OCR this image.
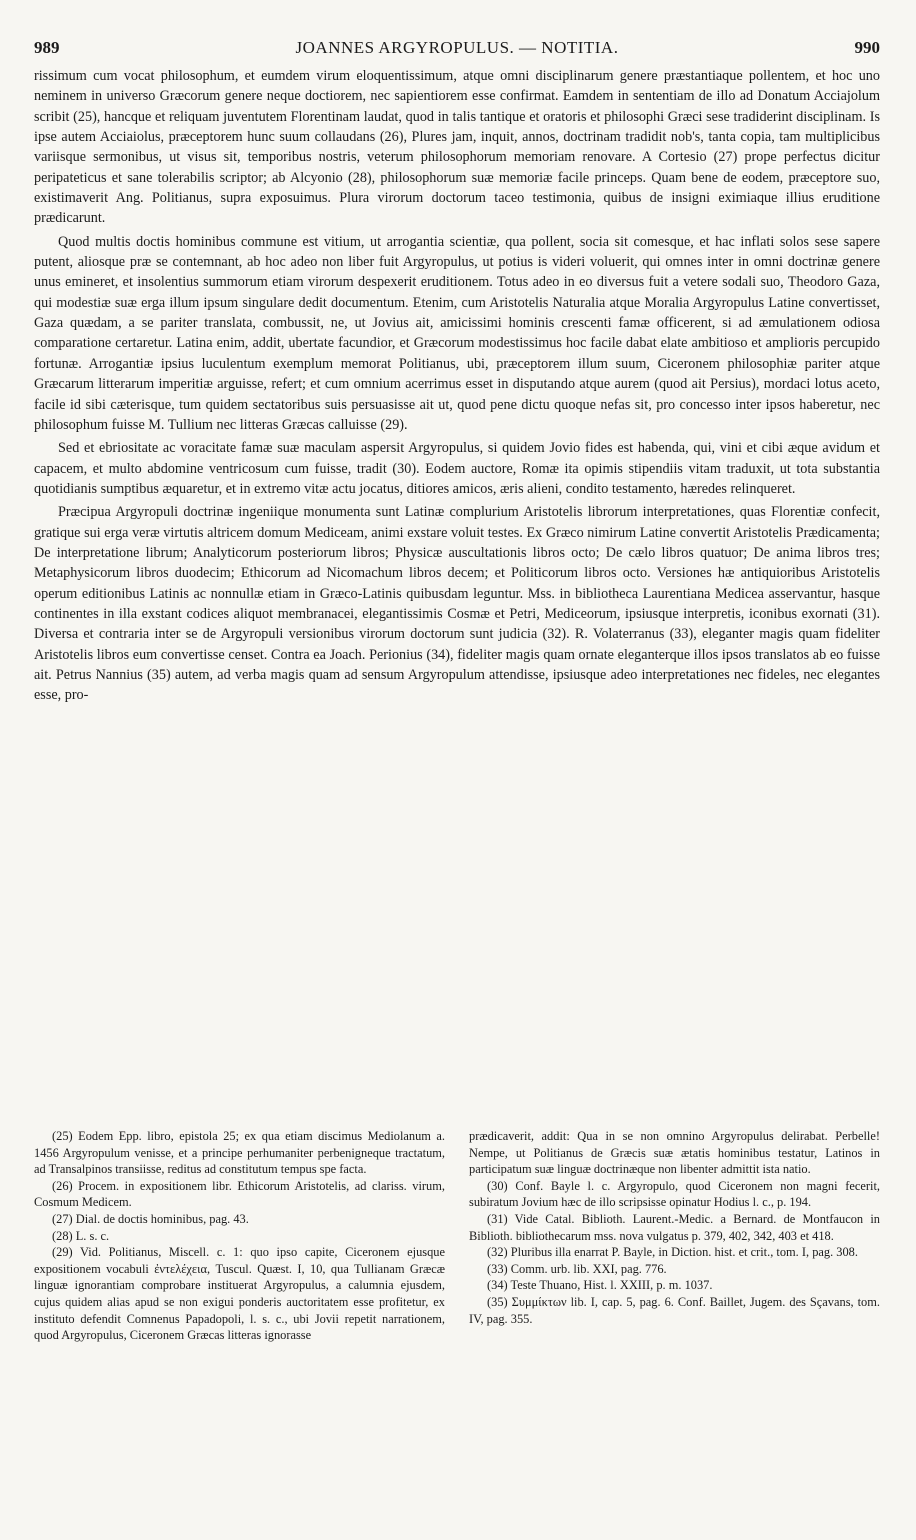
989	JOANNES ARGYROPULUS. — NOTITIA.	990

rissimum cum vocat philosophum, et eumdem virum eloquentissimum, atque omni disciplinarum genere præstantiaque pollentem, et hoc uno neminem in universo Græcorum genere neque doctiorem, nec sapientiorem esse confirmat. Eamdem in sententiam de illo ad Donatum Acciajolum scribit (25), hancque et reliquam juventutem Florentinam laudat, quod in talis tantique et oratoris et philosophi Græci sese tradiderint disciplinam. Is ipse autem Acciaiolus, præceptorem hunc suum collaudans (26), Plures jam, inquit, annos, doctrinam tradidit nob's, tanta copia, tam multiplicibus variisque sermonibus, ut visus sit, temporibus nostris, veterum philosophorum memoriam renovare. A Cortesio (27) prope perfectus dicitur peripateticus et sane tolerabilis scriptor; ab Alcyonio (28), philosophorum suæ memoriæ facile princeps. Quam bene de eodem, præceptore suo, existimaverit Ang. Politianus, supra exposuimus. Plura virorum doctorum taceo testimonia, quibus de insigni eximiaque illius eruditione prædicarunt.

Quod multis doctis hominibus commune est vitium, ut arrogantia scientiæ, qua pollent, socia sit comesque, et hac inflati solos sese sapere putent, aliosque præ se contemnant, ab hoc adeo non liber fuit Argyropulus, ut potius is videri voluerit, qui omnes inter in omni doctrinæ genere unus emineret, et insolentius summorum etiam virorum despexerit eruditionem. Totus adeo in eo diversus fuit a vetere sodali suo, Theodoro Gaza, qui modestiæ suæ erga illum ipsum singulare dedit documentum. Etenim, cum Aristotelis Naturalia atque Moralia Argyropulus Latine convertisset, Gaza quædam, a se pariter translata, combussit, ne, ut Jovius ait, amicissimi hominis crescenti famæ officerent, si ad æmulationem odiosa comparatione certaretur. Latina enim, addit, ubertate facundior, et Græcorum modestissimus hoc facile dabat elate ambitioso et amplioris percupido fortunæ. Arrogantiæ ipsius luculentum exemplum memorat Politianus, ubi, præceptorem illum suum, Ciceronem philosophiæ pariter atque Græcarum litterarum imperitiæ arguisse, refert; et cum omnium acerrimus esset in disputando atque aurem (quod ait Persius), mordaci lotus aceto, facile id sibi cæterisque, tum quidem sectatoribus suis persuasisse ait ut, quod pene dictu quoque nefas sit, pro concesso inter ipsos haberetur, nec philosophum fuisse M. Tullium nec litteras Græcas calluisse (29).

Sed et ebriositate ac voracitate famæ suæ maculam aspersit Argyropulus, si quidem Jovio fides est habenda, qui, vini et cibi æque avidum et capacem, et multo abdomine ventricosum cum fuisse, tradit (30). Eodem auctore, Romæ ita opimis stipendiis vitam traduxit, ut tota substantia quotidianis sumptibus æquaretur, et in extremo vitæ actu jocatus, ditiores amicos, æris alieni, condito testamento, hæredes relinqueret.

Præcipua Argyropuli doctrinæ ingeniique monumenta sunt Latinæ complurium Aristotelis librorum interpretationes, quas Florentiæ confecit, gratique sui erga veræ virtutis altricem domum Mediceam, animi exstare voluit testes. Ex Græco nimirum Latine convertit Aristotelis Prædicamenta; De interpretatione librum; Analyticorum posteriorum libros; Physicæ auscultationis libros octo; De cælo libros quatuor; De anima libros tres; Metaphysicorum libros duodecim; Ethicorum ad Nicomachum libros decem; et Politicorum libros octo. Versiones hæ antiquioribus Aristotelis operum editionibus Latinis ac nonnullæ etiam in Græco-Latinis quibusdam leguntur. Mss. in bibliotheca Laurentiana Medicea asservantur, hasque continentes in illa exstant codices aliquot membranacei, elegantissimis Cosmæ et Petri, Mediceorum, ipsiusque interpretis, iconibus exornati (31). Diversa et contraria inter se de Argyropuli versionibus virorum doctorum sunt judicia (32). R. Volaterranus (33), eleganter magis quam fideliter Aristotelis libros eum convertisse censet. Contra ea Joach. Perionius (34), fideliter magis quam ornate eleganterque illos ipsos translatos ab eo fuisse ait. Petrus Nannius (35) autem, ad verba magis quam ad sensum Argyropulum attendisse, ipsiusque adeo interpretationes nec fideles, nec elegantes esse, pro-

(25) Eodem Epp. libro, epistola 25; ex qua etiam discimus Mediolanum a. 1456 Argyropulum venisse, et a principe perhumaniter perbenigneque tractatum, ad Transalpinos transiisse, reditus ad constitutum tempus spe facta.

(26) Procem. in expositionem libr. Ethicorum Aristotelis, ad clariss. virum, Cosmum Medicem.

(27) Dial. de doctis hominibus, pag. 43.

(28) L. s. c.

(29) Vid. Politianus, Miscell. c. 1: quo ipso capite, Ciceronem ejusque expositionem vocabuli ἐντελέχεια, Tuscul. Quæst. I, 10, qua Tullianam Græcæ linguæ ignorantiam comprobare instituerat Argyropulus, a calumnia ejusdem, cujus quidem alias apud se non exigui ponderis auctoritatem esse profitetur, ex instituto defendit Comnenus Papadopoli, l. s. c., ubi Jovii repetit narrationem, quod Argyropulus, Ciceronem Græcas litteras ignorasse

prædicaverit, addit: Qua in se non omnino Argyropulus delirabat. Perbelle! Nempe, ut Politianus de Græcis suæ ætatis hominibus testatur, Latinos in participatum suæ linguæ doctrinæque non libenter admittit ista natio.

(30) Conf. Bayle l. c. Argyropulo, quod Ciceronem non magni fecerit, subiratum Jovium hæc de illo scripsisse opinatur Hodius l. c., p. 194.

(31) Vide Catal. Biblioth. Laurent.-Medic. a Bernard. de Montfaucon in Biblioth. bibliothecarum mss. nova vulgatus p. 379, 402, 342, 403 et 418.

(32) Pluribus illa enarrat P. Bayle, in Diction. hist. et crit., tom. I, pag. 308.

(33) Comm. urb. lib. XXI, pag. 776.

(34) Teste Thuano, Hist. l. XXIII, p. m. 1037.

(35) Συμμίκτων lib. I, cap. 5, pag. 6. Conf. Baillet, Jugem. des Sçavans, tom. IV, pag. 355.
